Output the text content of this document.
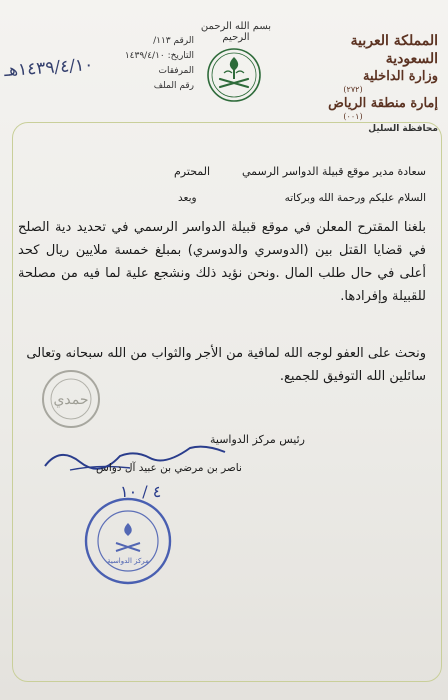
الرقم ١١٣/
التاريخ: ١٤٣٩/٤/١٠
المرفقات
رقم الملف
١٤٣٩/٤/١٠هـ
بسم الله الرحمن الرحيم	المملكة العربية السعودية
وزارة الداخلية
(٢٧٢)
إمارة منطقة الرياض
(٠٠١)
محافظة السليل
سعادة مدير موقع قبيلة الدواسر الرسمي
المحترم
السلام عليكم ورحمة الله وبركاته
وبعد
بلغنا المقترح المعلن في موقع قبيلة الدواسر الرسمي في تحديد دية الصلح في قضايا القتل بين (الدوسري والدوسري) بمبلغ خمسة ملايين ريال كحد أعلى في حال طلب المال .ونحن نؤيد ذلك ونشجع علية لما فيه من مصلحة للقبيلة وإفرادها.
ونحث على العفو لوجه الله لمافية من الأجر والثواب من الله سبحانه وتعالى سائلين الله التوفيق للجميع.
حمدي
رئيس مركز الدواسية
ناصر بن مرضي بن عبيد آل دواس
٤ / ١٠
مركز الدواسية
